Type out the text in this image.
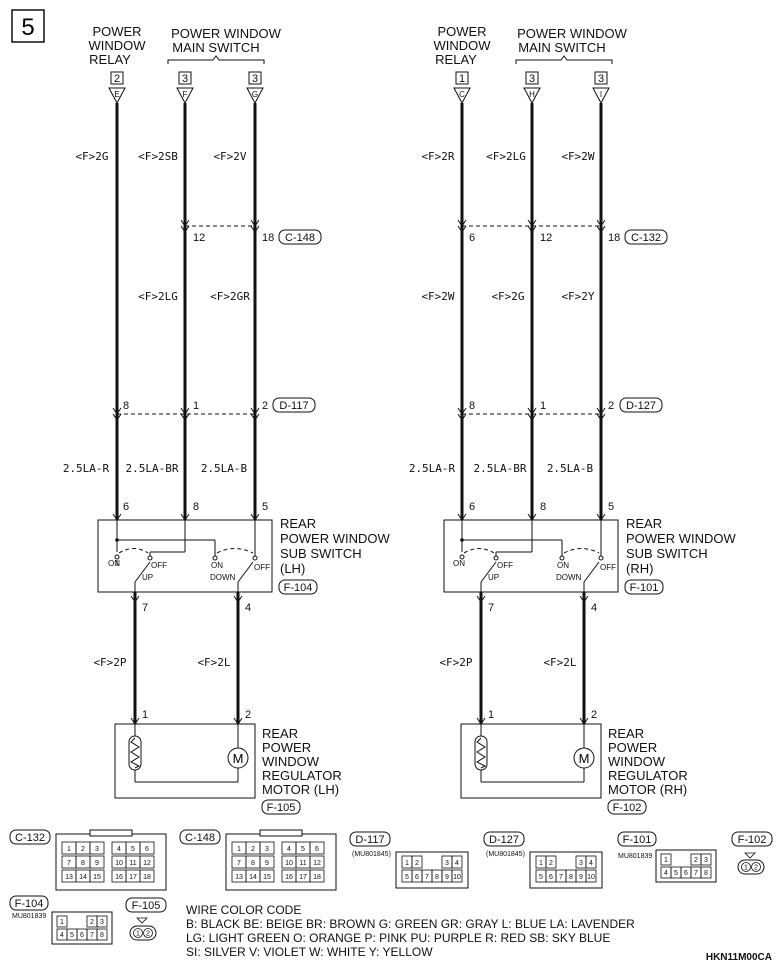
5	POWER
WINDOW
RELAY
POWER WINDOW
MAIN SWITCH
2
E
3
F
3
G
<F>2G	<F>2SB	<F>2V
12	18 C-148
<F>2LG	<F>2GR
8	1	2 D-117
2.5LA-R 2.5LA-BR 2.5LA-B
6	8	5
ON	OFF
UP
ON
DOWN
OFF
REAR
POWER WINDOW
SUB SWITCH
(LH)
F-104
7	4
<F>2P	<F>2L
1	2
M
REAR
POWER
WINDOW
REGULATOR
MOTOR (LH)
F-105
POWER
WINDOW
RELAY
POWER WINDOW
MAIN SWITCH
1
C
3
H
3
I
<F>2R	<F>2LG	<F>2W
6	12	18 C-132
<F>2W	<F>2G	<F>2Y
8	1	2 D-127
2.5LA-R 2.5LA-BR 2.5LA-B
6	8	5
ON	OFF
UP
ON
DOWN
OFF
REAR
POWER WINDOW
SUB SWITCH
(RH)
F-101
7	4
<F>2P	<F>2L
1	2
M
REAR
POWER
WINDOW
REGULATOR
MOTOR (RH)
F-102
C-132
1 2 3	4 5 6
7 8 9 10 11 12
13 14 15 16 17 18
C-148
1 2 3	4 5 6
7 8 9 10 11 12
13 14 15 16 17 18
D-117
(MU801845)
1 2	3 4
5 6 7 8 9 10
D-127
(MU801845)
1 2	3 4
5 6 7 8 9 10
F-101
MU801839
1	2 3
4 5 6 7 8
F-102
1 2
F-104
MU801839
1	2 3
4 5 6 7 8
F-105
1 2
WIRE COLOR CODE
B: BLACK BE: BEIGE BR: BROWN G: GREEN GR: GRAY L: BLUE LA: LAVENDER
LG: LIGHT GREEN O: ORANGE P: PINK PU: PURPLE R: RED SB: SKY BLUE
SI: SILVER V: VIOLET W: WHITE Y: YELLOW	HKN11M00CA
